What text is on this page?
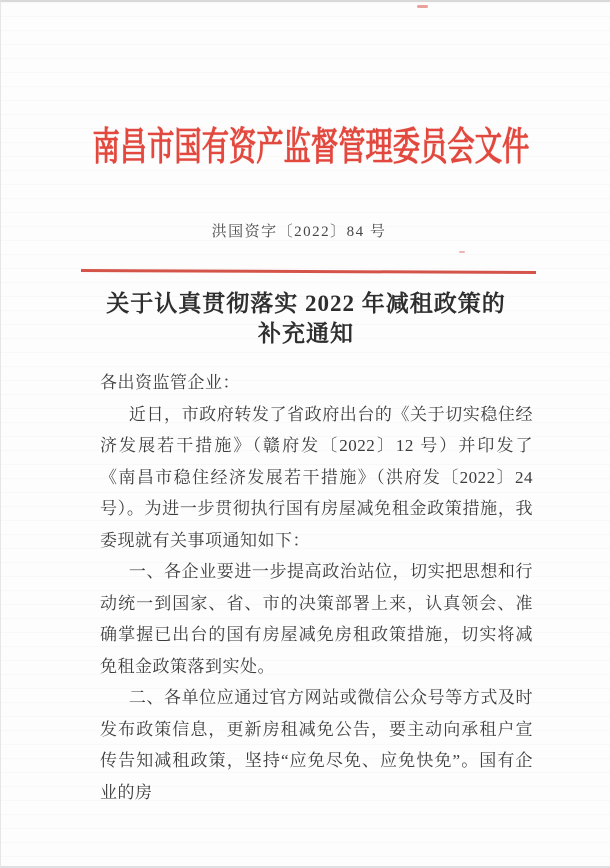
南昌市国有资产监督管理委员会文件
洪国资字〔2022〕84 号
关于认真贯彻落实 2022 年减租政策的
补充通知

各出资监管企业：

近日，市政府转发了省政府出台的《关于切实稳住经济发展若干措施》（赣府发〔2022〕12 号）并印发了《南昌市稳住经济发展若干措施》（洪府发〔2022〕24 号）。为进一步贯彻执行国有房屋减免租金政策措施，我委现就有关事项通知如下：

一、各企业要进一步提高政治站位，切实把思想和行动统一到国家、省、市的决策部署上来，认真领会、准确掌握已出台的国有房屋减免房租政策措施，切实将减免租金政策落到实处。

二、各单位应通过官方网站或微信公众号等方式及时发布政策信息，更新房租减免公告，要主动向承租户宣传告知减租政策，坚持“应免尽免、应免快免”。国有企业的房
